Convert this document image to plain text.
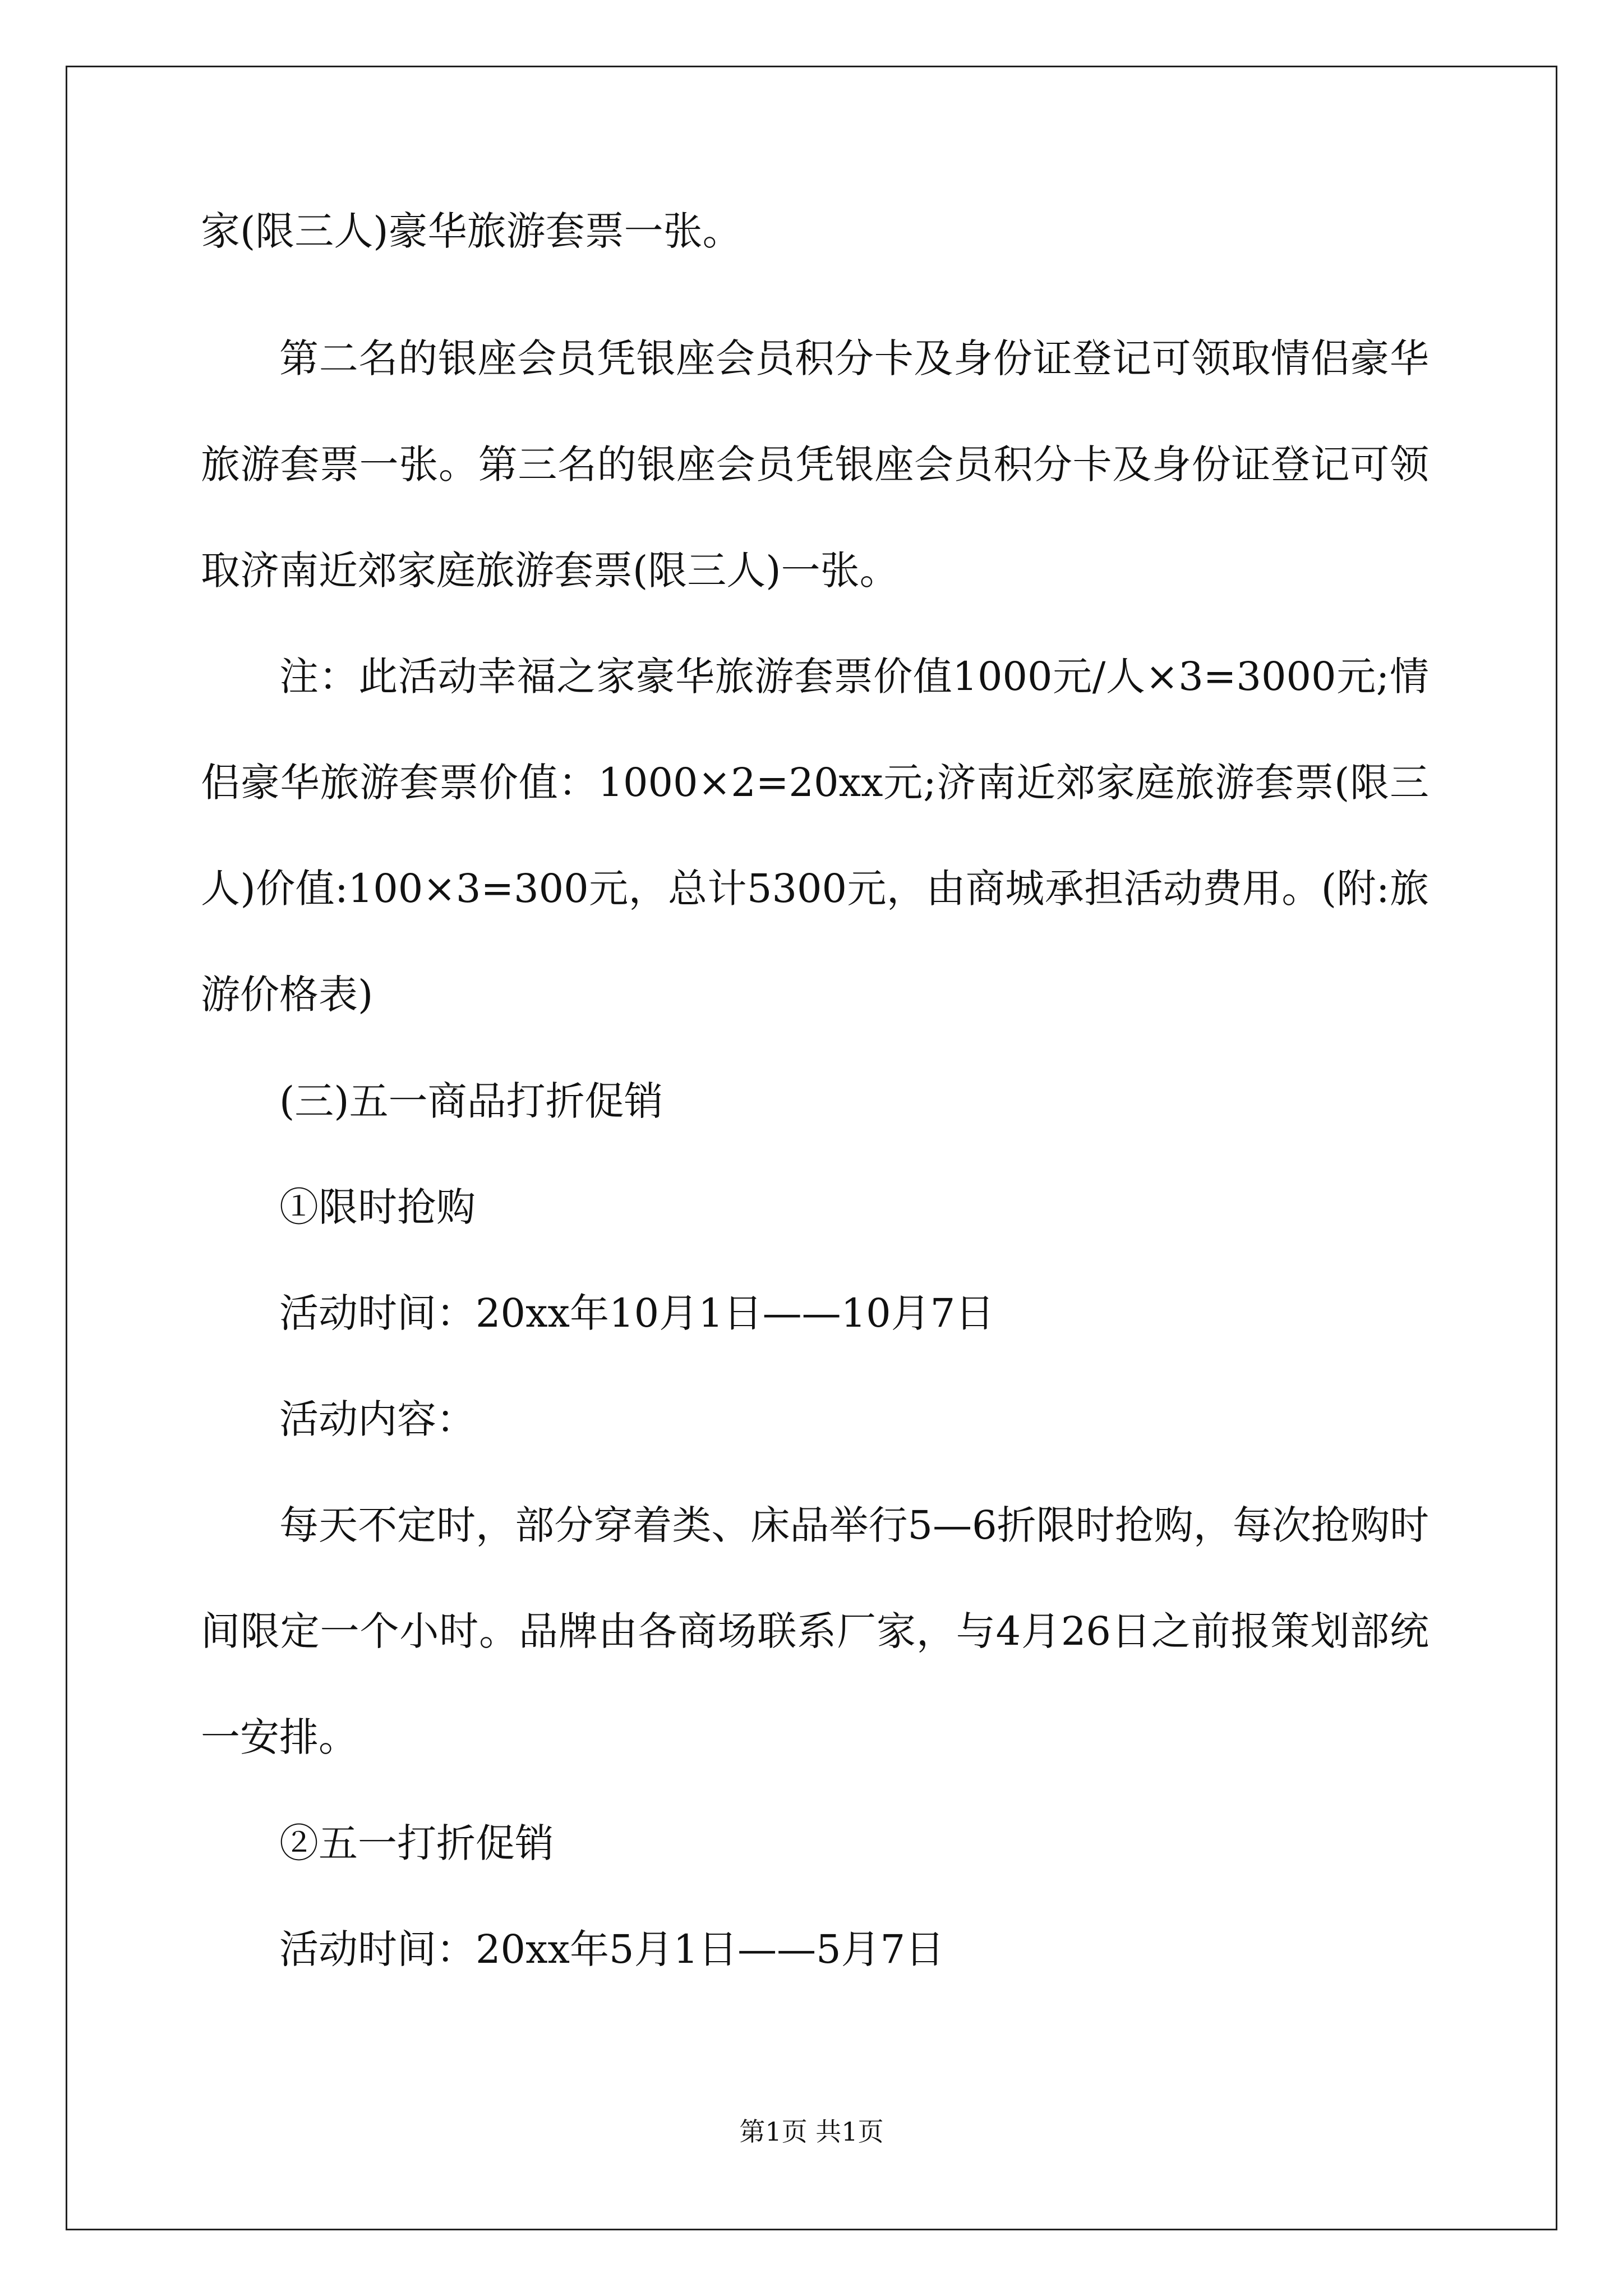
家(限三人)豪华旅游套票一张。

第二名的银座会员凭银座会员积分卡及身份证登记可领取情侣豪华旅游套票一张。第三名的银座会员凭银座会员积分卡及身份证登记可领取济南近郊家庭旅游套票(限三人)一张。

注：此活动幸福之家豪华旅游套票价值1000元/人×3=3000元;情侣豪华旅游套票价值：1000×2=20xx元;济南近郊家庭旅游套票(限三人)价值:100×3=300元，总计5300元，由商城承担活动费用。(附:旅游价格表)

(三)五一商品打折促销

①限时抢购

活动时间：20xx年10月1日——10月7日

活动内容：

每天不定时，部分穿着类、床品举行5—6折限时抢购，每次抢购时间限定一个小时。品牌由各商场联系厂家，与4月26日之前报策划部统一安排。

②五一打折促销

活动时间：20xx年5月1日——5月7日

第1页 共1页
